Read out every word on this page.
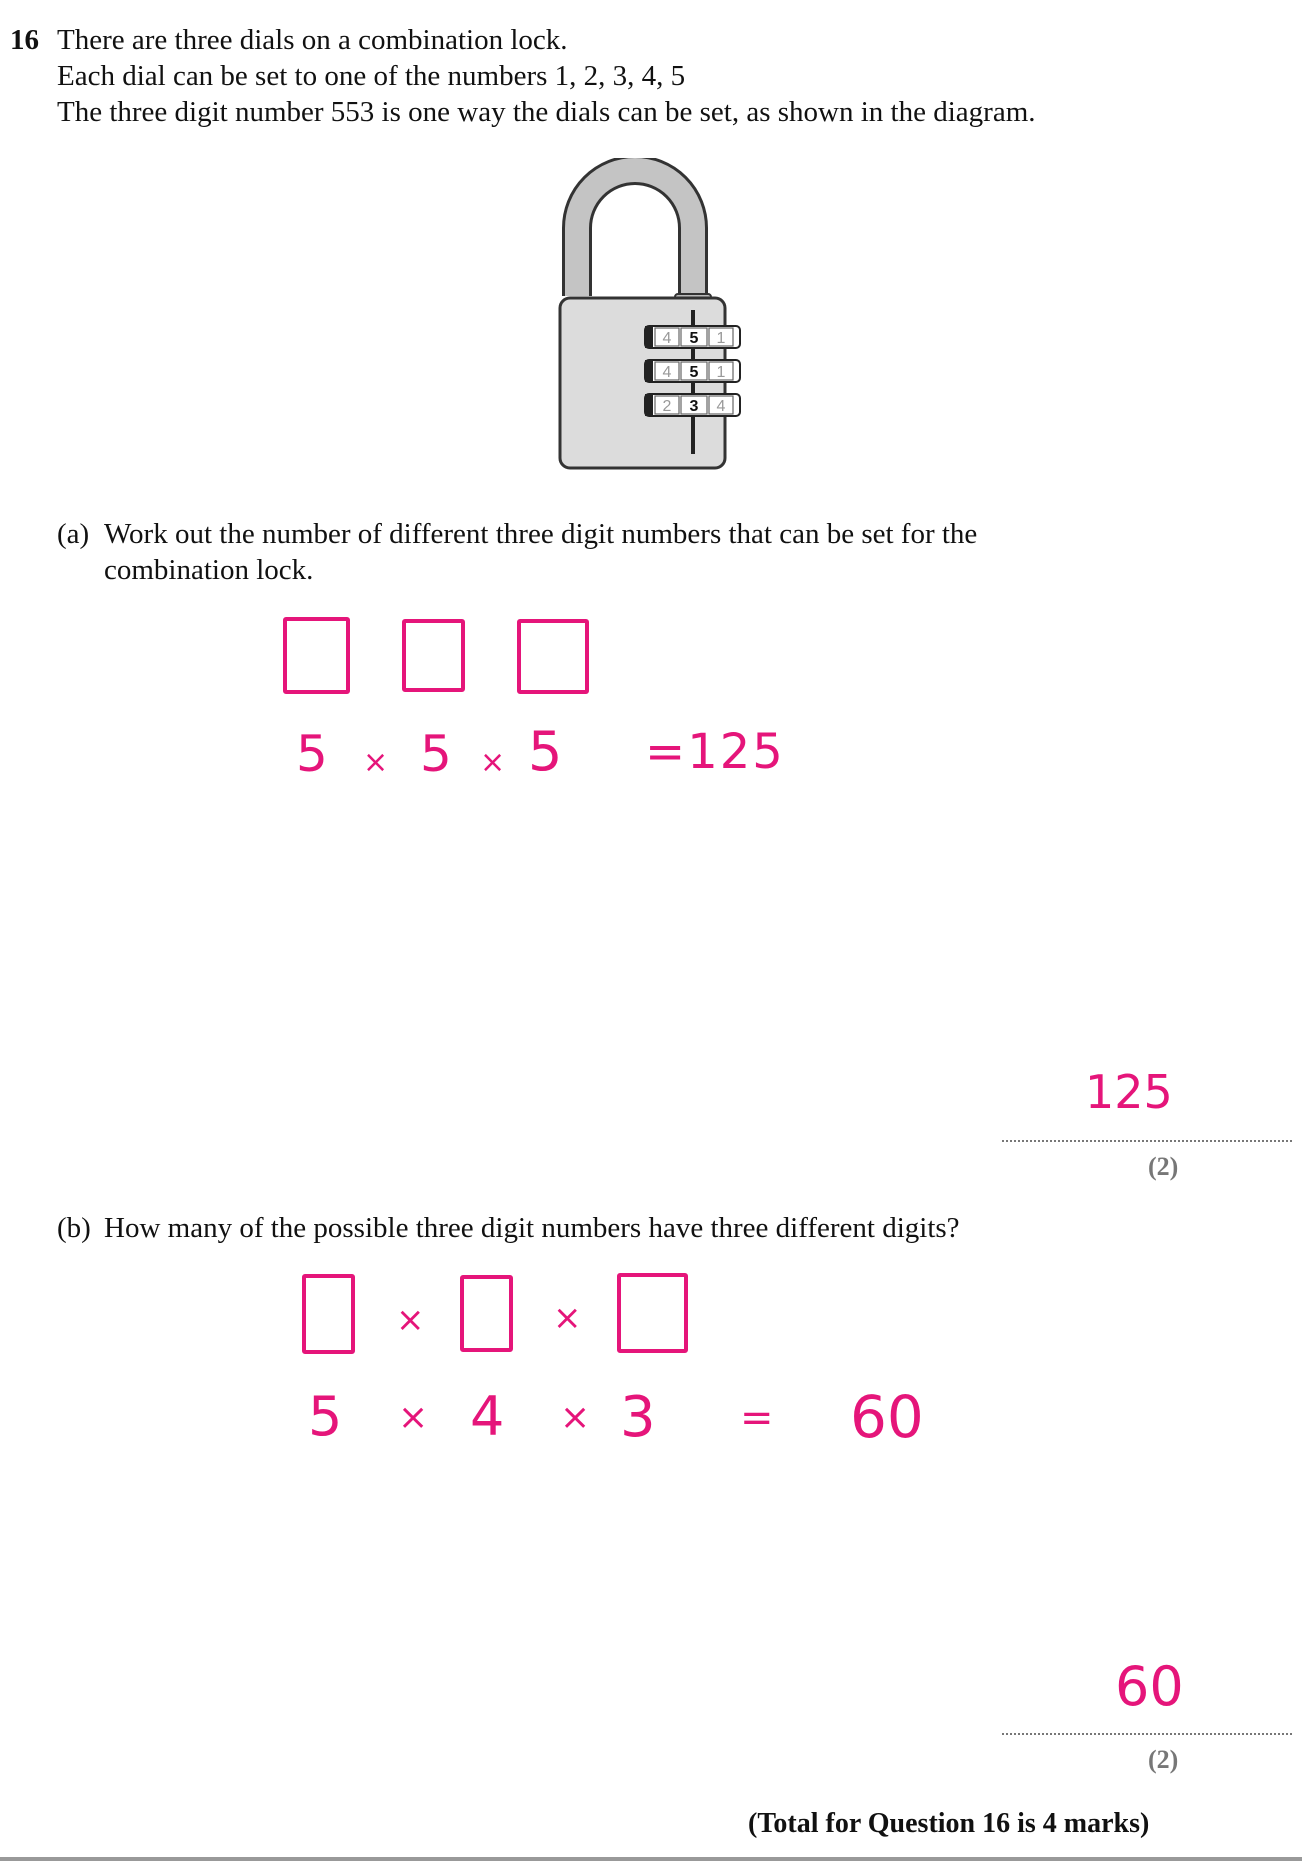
16 There are three dials on a combination lock.
Each dial can be set to one of the numbers 1, 2, 3, 4, 5
The three digit number 553 is one way the dials can be set, as shown in the diagram.
4 5 1
4 5 1
2 3 4
(a) Work out the number of different three digit numbers that can be set for the
combination lock.
5 × 5 × 5 =125
125
(2)
(b) How many of the possible three digit numbers have three different digits?
×	×
5 × 4 × 3 = 60
60
(2)
(Total for Question 16 is 4 marks)
